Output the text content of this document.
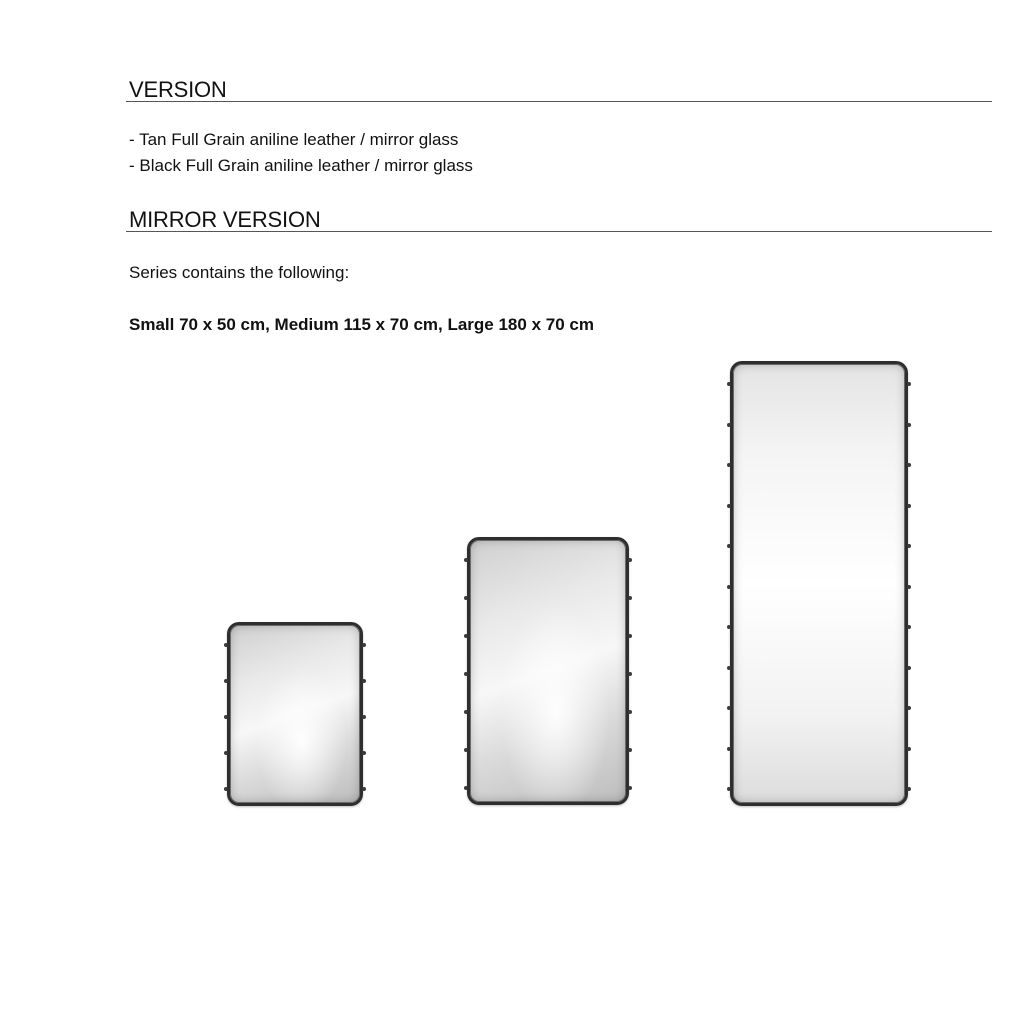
VERSION
- Tan Full Grain aniline leather / mirror glass
- Black Full Grain aniline leather / mirror glass
MIRROR VERSION

Series contains the following:

Small 70 x 50 cm, Medium 115 x 70 cm, Large 180 x 70 cm
